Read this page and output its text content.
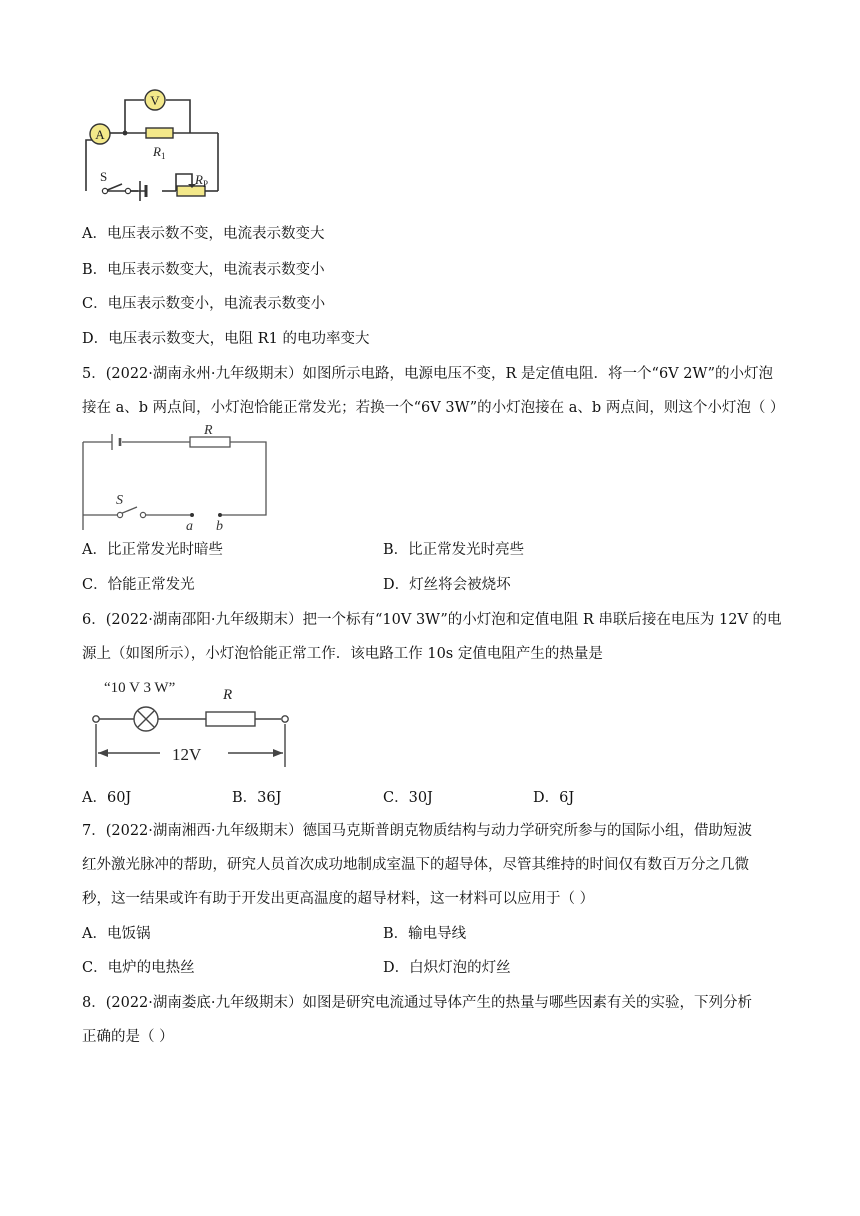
A
V
$R_1$
S	$R_P$
A．电压表示数不变，电流表示数变大
B．电压表示数变大，电流表示数变小
C．电压表示数变小，电流表示数变小
D．电压表示数变大，电阻 R1 的电功率变大
5．(2022·湖南永州·九年级期末）如图所示电路，电源电压不变，R 是定值电阻．将一个“6V 2W”的小灯泡
接在 a、b 两点间，小灯泡恰能正常发光；若换一个“6V 3W”的小灯泡接在 a、b 两点间，则这个小灯泡（ ）
R
S
a b
A．比正常发光时暗些	B．比正常发光时亮些
C．恰能正常发光	D．灯丝将会被烧坏
6．(2022·湖南邵阳·九年级期末）把一个标有“10V 3W”的小灯泡和定值电阻 R 串联后接在电压为 12V 的电
源上（如图所示），小灯泡恰能正常工作．该电路工作 10s 定值电阻产生的热量是
“10 V 3 W”	R
12V
A．60J	B．36J	C．30J	D．6J
7．(2022·湖南湘西·九年级期末）德国马克斯普朗克物质结构与动力学研究所参与的国际小组，借助短波
红外激光脉冲的帮助，研究人员首次成功地制成室温下的超导体，尽管其维持的时间仅有数百万分之几微
秒，这一结果或许有助于开发出更高温度的超导材料，这一材料可以应用于（ ）
A．电饭锅	B．输电导线
C．电炉的电热丝	D．白炽灯泡的灯丝
8．(2022·湖南娄底·九年级期末）如图是研究电流通过导体产生的热量与哪些因素有关的实验，下列分析
正确的是（ ）
